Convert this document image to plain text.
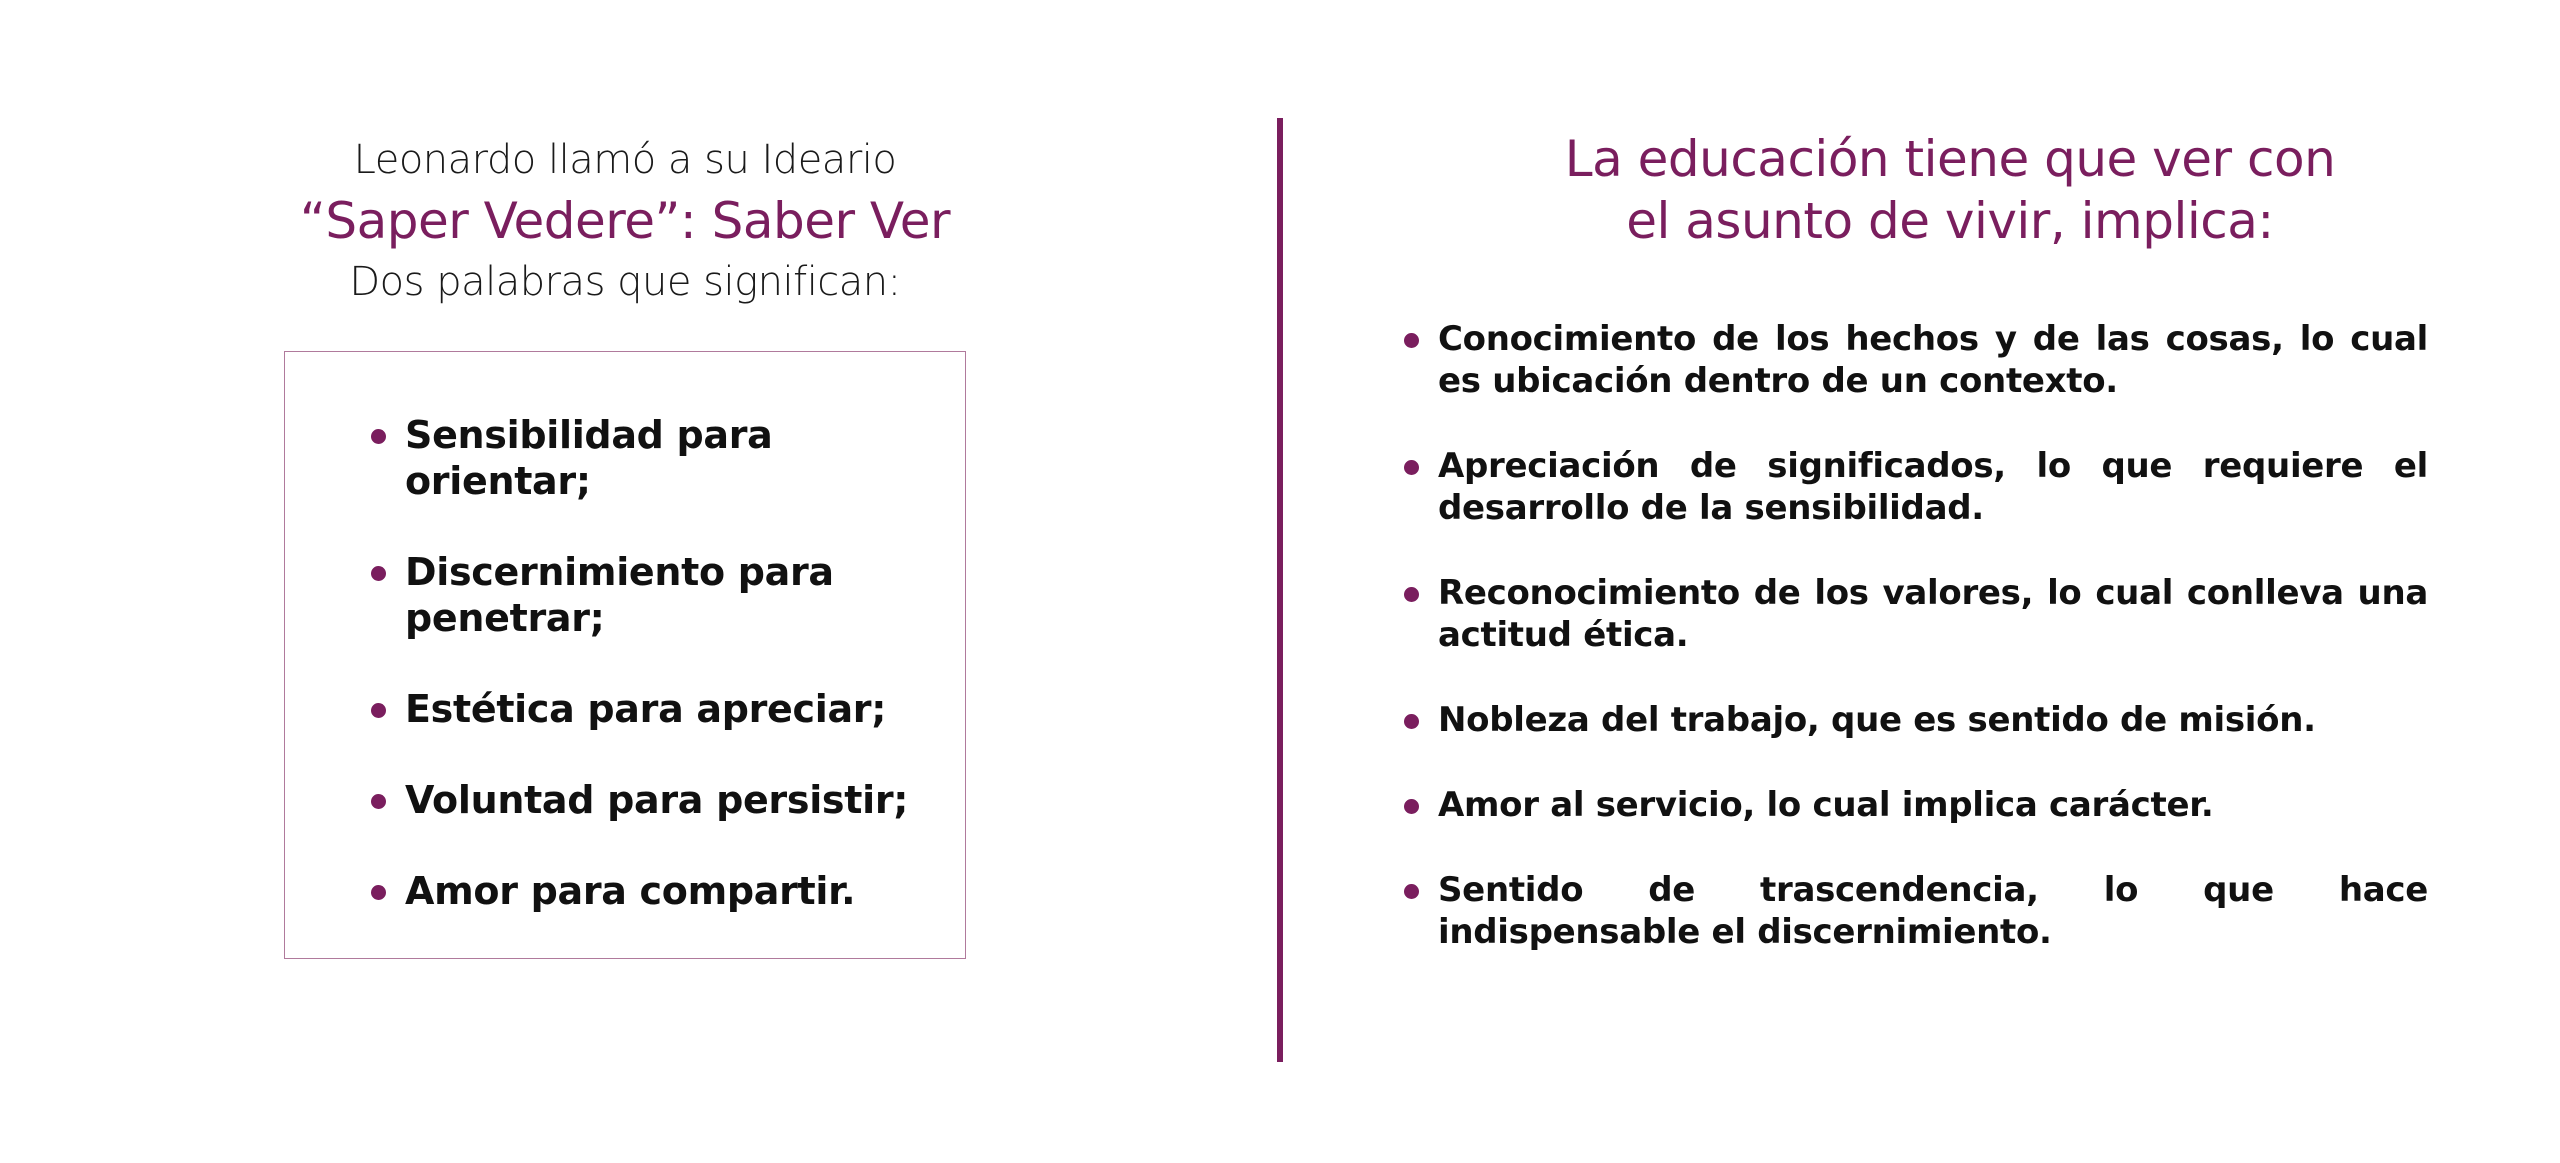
Leonardo llamó a su Ideario
“Saper Vedere”: Saber Ver
Dos palabras que significan:
Sensibilidad para orientar;
Discernimiento para penetrar;
Estética para apreciar;
Voluntad para persistir;
Amor para compartir.
La educación tiene que ver con
el asunto de vivir, implica:
Conocimiento de los hechos y de las cosas, lo cual es ubicación dentro de un contexto.
Apreciación de significados, lo que requiere el desarrollo de la sensibilidad.
Reconocimiento de los valores, lo cual conlleva una actitud ética.
Nobleza del trabajo, que es sentido de misión.
Amor al servicio, lo cual implica carácter.
Sentido de trascendencia, lo que hace indispensable el discernimiento.
